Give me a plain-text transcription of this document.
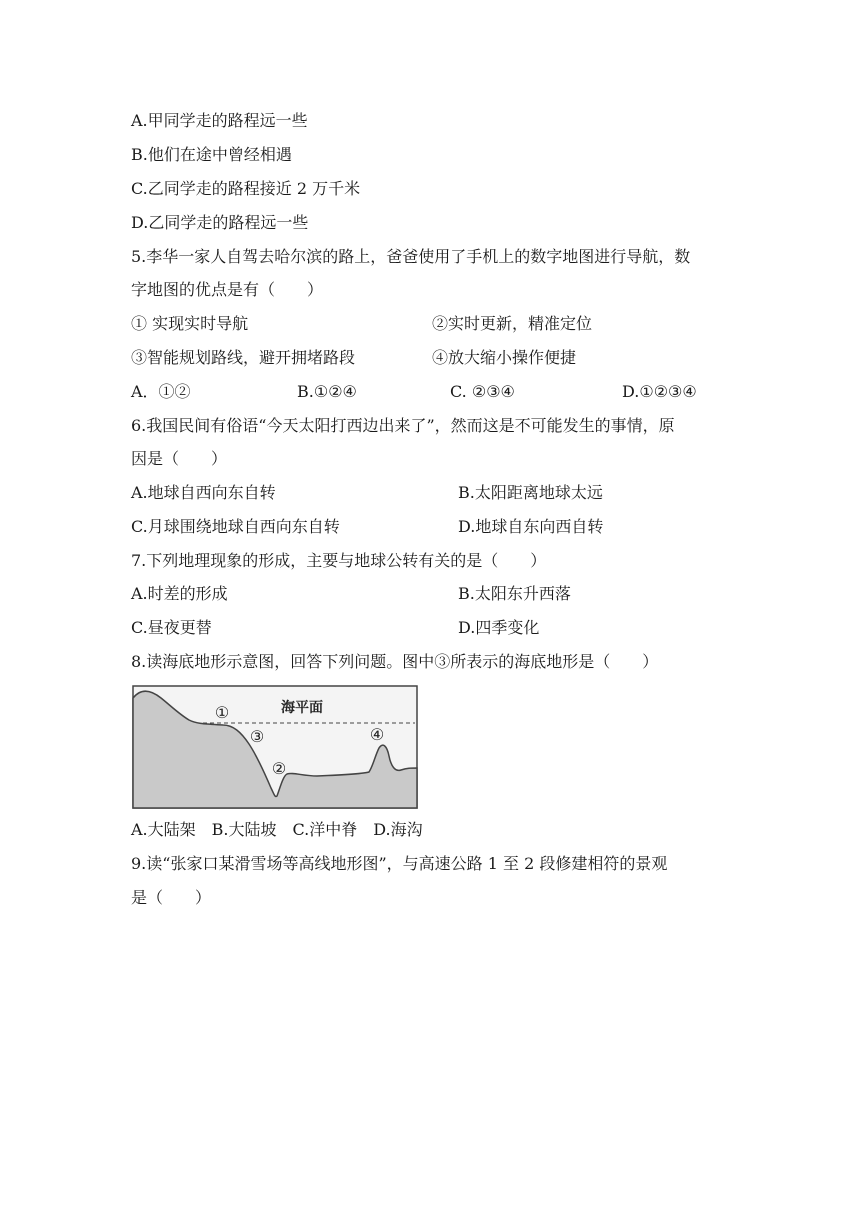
A.甲同学走的路程远一些
B.他们在途中曾经相遇
C.乙同学走的路程接近 2 万千米
D.乙同学走的路程远一些
5.李华一家人自驾去哈尔滨的路上，爸爸使用了手机上的数字地图进行导航，数
字地图的优点是有（　　）
① 实现实时导航	②实时更新，精准定位
③智能规划路线，避开拥堵路段	④放大缩小操作便捷
A．①②	B.①②④	C. ②③④	D.①②③④
6.我国民间有俗语“今天太阳打西边出来了”，然而这是不可能发生的事情，原
因是（　　）
A.地球自西向东自转	B.太阳距离地球太远
C.月球围绕地球自西向东自转	D.地球自东向西自转
7.下列地理现象的形成，主要与地球公转有关的是（　　）
A.时差的形成	B.太阳东升西落
C.昼夜更替	D.四季变化
8.读海底地形示意图，回答下列问题。图中③所表示的海底地形是（　　）
海平面
①
③
②
④
A.大陆架　B.大陆坡　C.洋中脊　D.海沟
9.读“张家口某滑雪场等高线地形图”，与高速公路 1 至 2 段修建相符的景观
是（　　）
